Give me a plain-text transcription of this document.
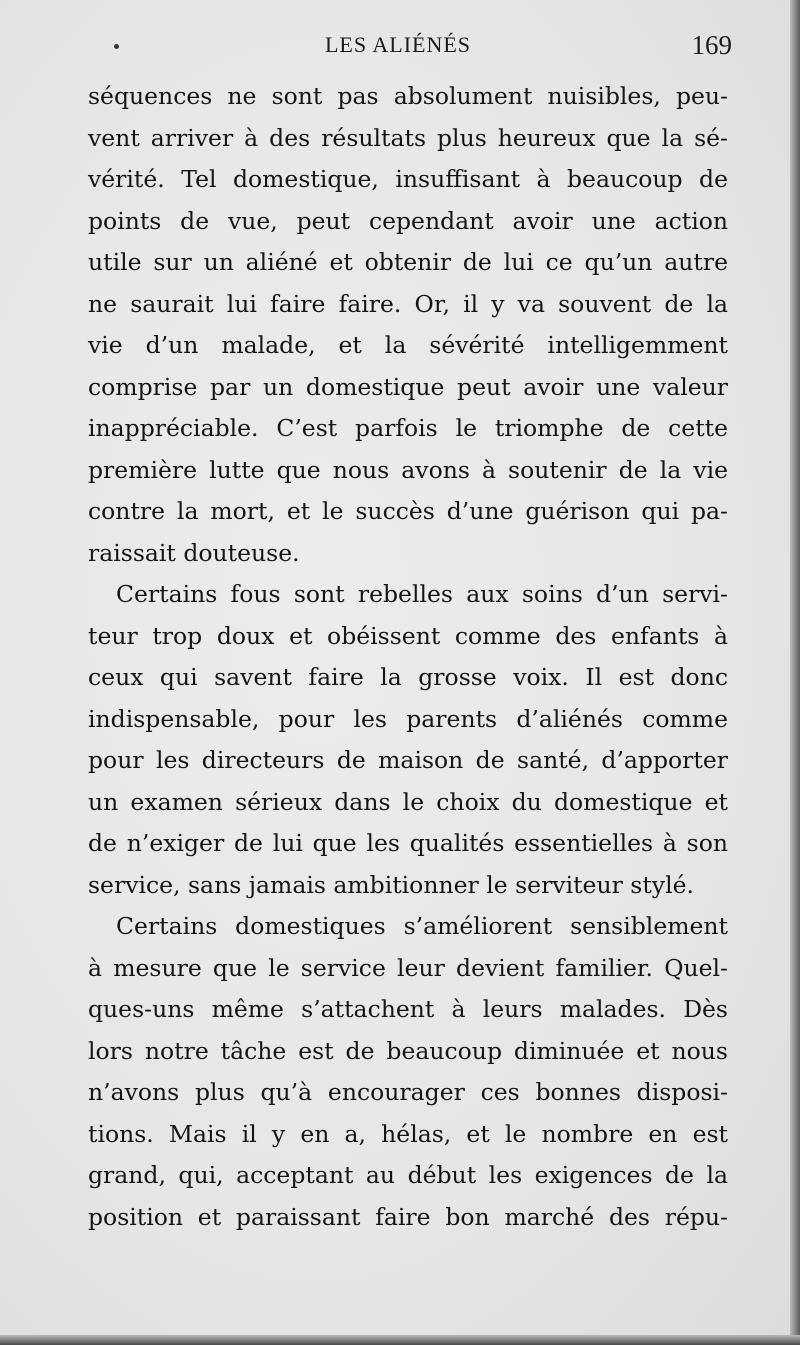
LES ALIÉNÉS	169
séquences ne sont pas absolument nuisibles, peu-
vent arriver à des résultats plus heureux que la sé-
vérité. Tel domestique, insuffisant à beaucoup de
points de vue, peut cependant avoir une action
utile sur un aliéné et obtenir de lui ce qu’un autre
ne saurait lui faire faire. Or, il y va souvent de la
vie d’un malade, et la sévérité intelligemment
comprise par un domestique peut avoir une valeur
inappréciable. C’est parfois le triomphe de cette
première lutte que nous avons à soutenir de la vie
contre la mort, et le succès d’une guérison qui pa-
raissait douteuse.
Certains fous sont rebelles aux soins d’un servi-
teur trop doux et obéissent comme des enfants à
ceux qui savent faire la grosse voix. Il est donc
indispensable, pour les parents d’aliénés comme
pour les directeurs de maison de santé, d’apporter
un examen sérieux dans le choix du domestique et
de n’exiger de lui que les qualités essentielles à son
service, sans jamais ambitionner le serviteur stylé.
Certains domestiques s’améliorent sensiblement
à mesure que le service leur devient familier. Quel-
ques-uns même s’attachent à leurs malades. Dès
lors notre tâche est de beaucoup diminuée et nous
n’avons plus qu’à encourager ces bonnes disposi-
tions. Mais il y en a, hélas, et le nombre en est
grand, qui, acceptant au début les exigences de la
position et paraissant faire bon marché des répu-
